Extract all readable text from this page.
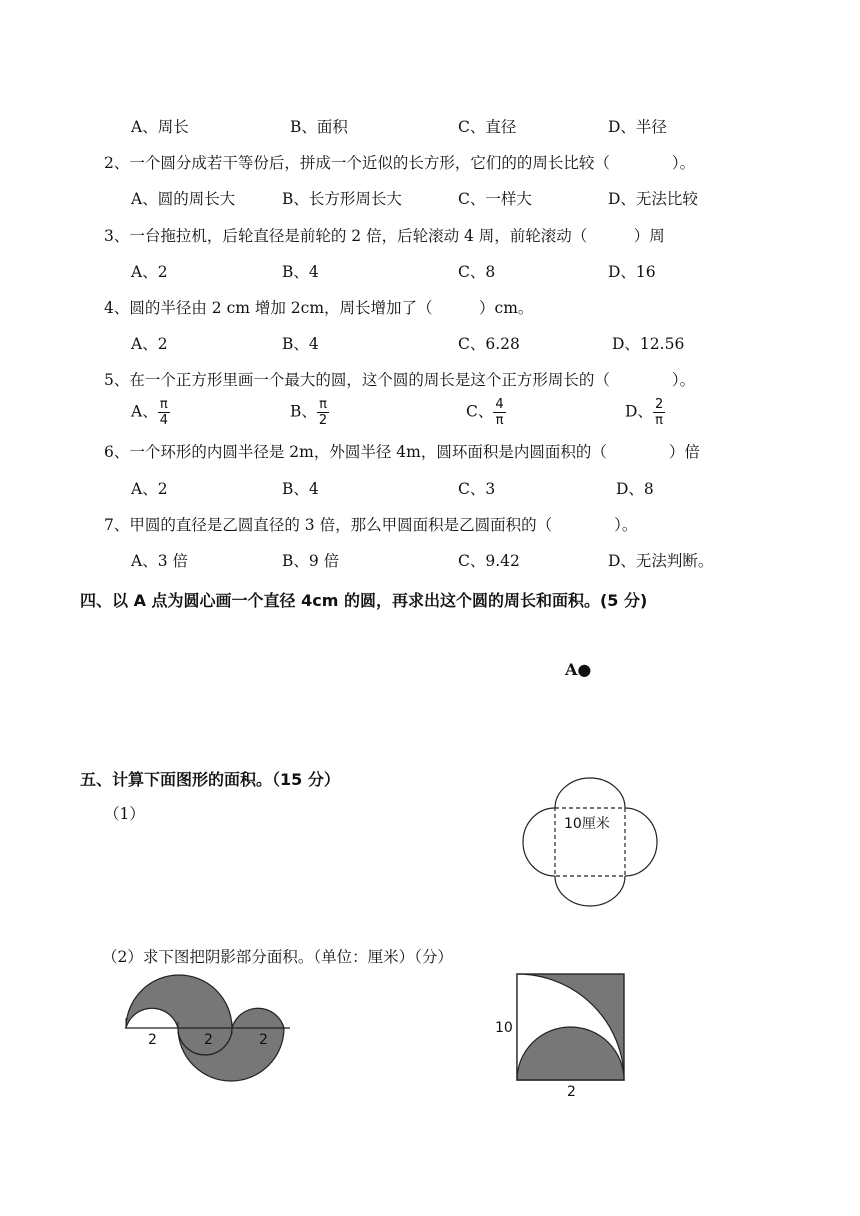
A、周长	B、面积	C、直径	D、半径
2、一个圆分成若干等份后，拼成一个近似的长方形，它们的的周长比较（　　　　）。
A、圆的周长大	B、长方形周长大	C、一样大	D、无法比较
3、一台拖拉机，后轮直径是前轮的 2 倍，后轮滚动 4 周，前轮滚动（　　　）周
A、2	B、4	C、8	D、16
4、圆的半径由 2 cm 增加 2cm，周长增加了（　　　）cm。
A、2	B、4	C、6.28	D、12.56
5、在一个正方形里画一个最大的圆，这个圆的周长是这个正方形周长的（　　　　）。
A、 $\frac{\pi}{4}$	B、 $\frac{\pi}{2}$	C、 $\frac{4}{\pi}$	D、 $\frac{2}{\pi}$
6、一个环形的内圆半径是 2m，外圆半径 4m，圆环面积是内圆面积的（　　　　）倍
A、2	B、4	C、3	D、8
7、甲圆的直径是乙圆直径的 3 倍，那么甲圆面积是乙圆面积的（　　　　）。
A、3 倍	B、9 倍	C、9.42	D、无法判断。
四、以 A 点为圆心画一个直径 4cm 的圆，再求出这个圆的周长和面积。(5 分)
A●
五、计算下面图形的面积。（15 分）
（1）
10厘米
（2）求下图把阴影部分面积。（单位：厘米）（分）
2	2	2
10
2
